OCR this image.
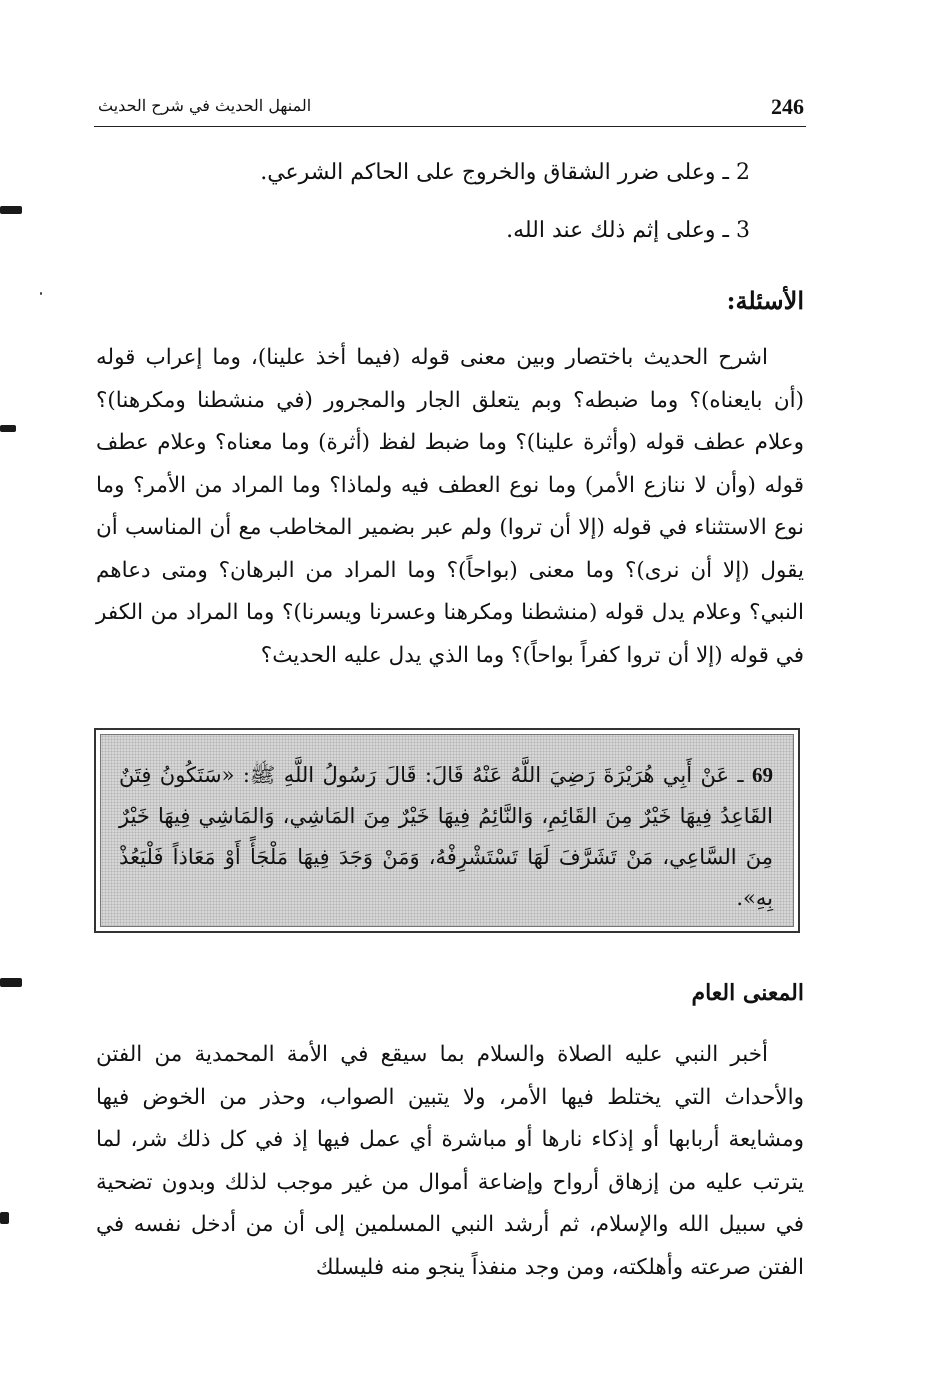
246
المنهل الحديث في شرح الحديث
2 ـ وعلى ضرر الشقاق والخروج على الحاكم الشرعي.
3 ـ وعلى إثم ذلك عند الله.
الأسئلة:
اشرح الحديث باختصار وبين معنى قوله (فيما أخذ علينا)، وما إعراب قوله (أن بايعناه)؟ وما ضبطه؟ وبم يتعلق الجار والمجرور (في منشطنا ومكرهنا)؟ وعلام عطف قوله (وأثرة علينا)؟ وما ضبط لفظ (أثرة) وما معناه؟ وعلام عطف قوله (وأن لا ننازع الأمر) وما نوع العطف فيه ولماذا؟ وما المراد من الأمر؟ وما نوع الاستثناء في قوله (إلا أن تروا) ولم عبر بضمير المخاطب مع أن المناسب أن يقول (إلا أن نرى)؟ وما معنى (بواحاً)؟ وما المراد من البرهان؟ ومتى دعاهم النبي؟ وعلام يدل قوله (منشطنا ومكرهنا وعسرنا ويسرنا)؟ وما المراد من الكفر في قوله (إلا أن تروا كفراً بواحاً)؟ وما الذي يدل عليه الحديث؟
69 ـ عَنْ أَبِي هُرَيْرَةَ رَضِيَ اللَّهُ عَنْهُ قَالَ: قَالَ رَسُولُ اللَّهِ ﷺ: «سَتَكُونُ فِتَنٌ القَاعِدُ فِيهَا خَيْرٌ مِنَ القَائِمِ، وَالنَّائِمُ فِيهَا خَيْرٌ مِنَ المَاشِي، وَالمَاشِي فِيهَا خَيْرٌ مِنَ السَّاعِي، مَنْ تَشَرَّفَ لَهَا تَسْتَشْرِفْهُ، وَمَنْ وَجَدَ فِيهَا مَلْجَأً أَوْ مَعَاذاً فَلْيَعُذْ بِهِ».
المعنى العام
أخبر النبي عليه الصلاة والسلام بما سيقع في الأمة المحمدية من الفتن والأحداث التي يختلط فيها الأمر، ولا يتبين الصواب، وحذر من الخوض فيها ومشايعة أربابها أو إذكاء نارها أو مباشرة أي عمل فيها إذ في كل ذلك شر، لما يترتب عليه من إزهاق أرواح وإضاعة أموال من غير موجب لذلك وبدون تضحية في سبيل الله والإسلام، ثم أرشد النبي المسلمين إلى أن من أدخل نفسه في الفتن صرعته وأهلكته، ومن وجد منفذاً ينجو منه فليسلك
